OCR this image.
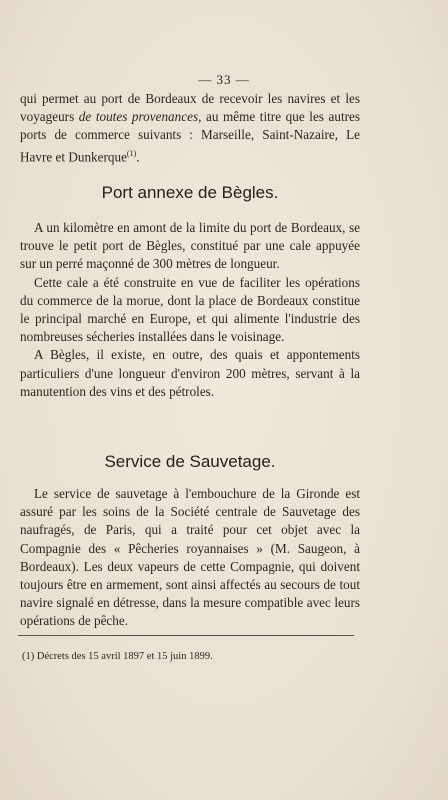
— 33 —

qui permet au port de Bordeaux de recevoir les navires et les voyageurs de toutes provenances, au même titre que les autres ports de commerce suivants : Marseille, Saint-Nazaire, Le Havre et Dunkerque$^{(1)}$.

Port annexe de Bègles.

A un kilomètre en amont de la limite du port de Bordeaux, se trouve le petit port de Bègles, constitué par une cale appuyée sur un perré maçonné de 300 mètres de longueur.

Cette cale a été construite en vue de faciliter les opérations du commerce de la morue, dont la place de Bordeaux constitue le principal marché en Europe, et qui alimente l'industrie des nombreuses sécheries installées dans le voisinage.

A Bègles, il existe, en outre, des quais et appontements particuliers d'une longueur d'environ 200 mètres, servant à la manutention des vins et des pétroles.

Service de Sauvetage.

Le service de sauvetage à l'embouchure de la Gironde est assuré par les soins de la Société centrale de Sauvetage des naufragés, de Paris, qui a traité pour cet objet avec la Compagnie des « Pêcheries royannaises » (M. Saugeon, à Bordeaux). Les deux vapeurs de cette Compagnie, qui doivent toujours être en armement, sont ainsi affectés au secours de tout navire signalé en détresse, dans la mesure compatible avec leurs opérations de pêche.

(1) Décrets des 15 avril 1897 et 15 juin 1899.
